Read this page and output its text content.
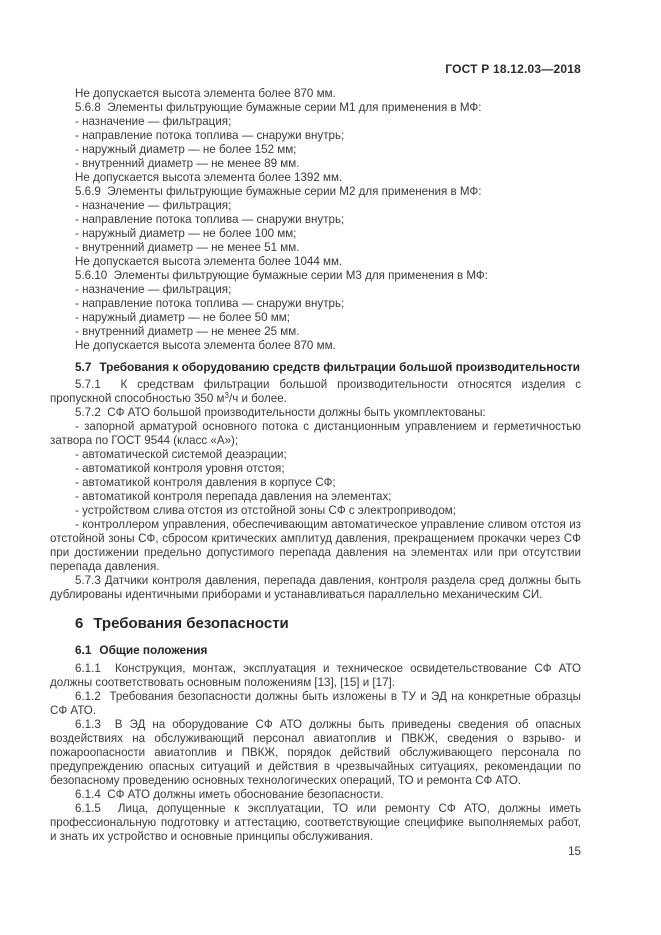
ГОСТ Р 18.12.03—2018

Не допускается высота элемента более 870 мм.

5.6.8  Элементы фильтрующие бумажные серии М1 для применения в МФ:

- назначение — фильтрация;

- направление потока топлива — снаружи внутрь;

- наружный диаметр — не более 152 мм;

- внутренний диаметр — не менее 89 мм.

Не допускается высота элемента более 1392 мм.

5.6.9  Элементы фильтрующие бумажные серии М2 для применения в МФ:

- назначение — фильтрация;

- направление потока топлива — снаружи внутрь;

- наружный диаметр — не более 100 мм;

- внутренний диаметр — не менее 51 мм.

Не допускается высота элемента более 1044 мм.

5.6.10  Элементы фильтрующие бумажные серии М3 для применения в МФ:

- назначение — фильтрация;

- направление потока топлива — снаружи внутрь;

- наружный диаметр — не более 50 мм;

- внутренний диаметр — не менее 25 мм.

Не допускается высота элемента более 870 мм.

5.7 Требования к оборудованию средств фильтрации большой производительности

5.7.1  К средствам фильтрации большой производительности относятся изделия с пропускной способностью 350 $м^3/ч$ и более.

5.7.2  СФ АТО большой производительности должны быть укомплектованы:

- запорной арматурой основного потока с дистанционным управлением и герметичностью затвора по ГОСТ 9544 (класс «А»);

- автоматической системой деаэрации;

- автоматикой контроля уровня отстоя;

- автоматикой контроля давления в корпусе СФ;

- автоматикой контроля перепада давления на элементах;

- устройством слива отстоя из отстойной зоны СФ с электроприводом;

- контроллером управления, обеспечивающим автоматическое управление сливом отстоя из отстойной зоны СФ, сбросом критических амплитуд давления, прекращением прокачки через СФ при достижении предельно допустимого перепада давления на элементах или при отсутствии перепада давления.

5.7.3 Датчики контроля давления, перепада давления, контроля раздела сред должны быть дублированы идентичными приборами и устанавливаться параллельно механическим СИ.

6 Требования безопасности

6.1 Общие положения

6.1.1  Конструкция, монтаж, эксплуатация и техническое освидетельствование СФ АТО должны соответствовать основным положениям [13], [15] и [17].

6.1.2  Требования безопасности должны быть изложены в ТУ и ЭД на конкретные образцы СФ АТО.

6.1.3  В ЭД на оборудование СФ АТО должны быть приведены сведения об опасных воздействиях на обслуживающий персонал авиатоплив и ПВКЖ, сведения о взрыво- и пожароопасности авиатоплив и ПВКЖ, порядок действий обслуживающего персонала по предупреждению опасных ситуаций и действия в чрезвычайных ситуациях, рекомендации по безопасному проведению основных технологических операций, ТО и ремонта СФ АТО.

6.1.4  СФ АТО должны иметь обоснование безопасности.

6.1.5  Лица, допущенные к эксплуатации, ТО или ремонту СФ АТО, должны иметь профессиональную подготовку и аттестацию, соответствующие специфике выполняемых работ, и знать их устройство и основные принципы обслуживания.

15
